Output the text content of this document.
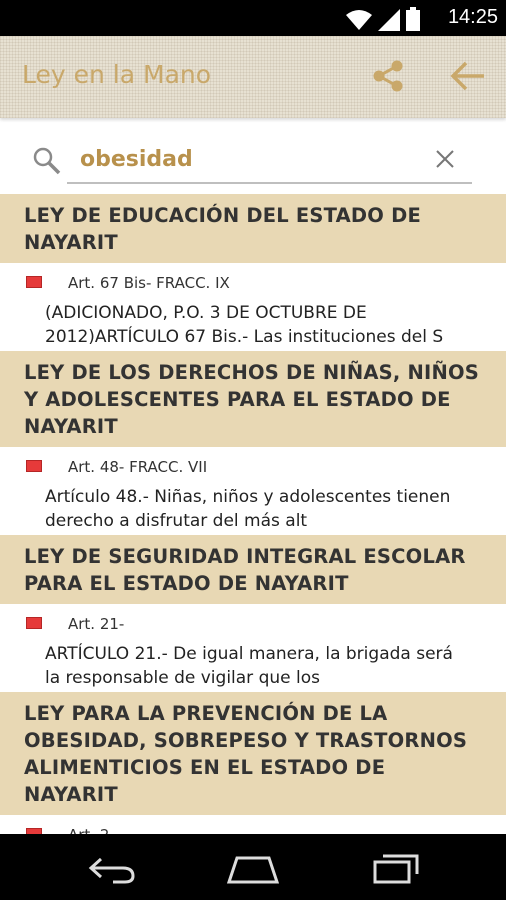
14:25
Ley en la Mano
obesidad
LEY DE EDUCACIÓN DEL ESTADO DE NAYARIT
Art. 67 Bis- FRACC. IX
(ADICIONADO, P.O. 3 DE OCTUBRE DE
2012)ARTÍCULO 67 Bis.- Las instituciones del S
LEY DE LOS DERECHOS DE NIÑAS, NIÑOS Y ADOLESCENTES PARA EL ESTADO DE NAYARIT
Art. 48- FRACC. VII
Artículo 48.- Niñas, niños y adolescentes tienen
derecho a disfrutar del más alt
LEY DE SEGURIDAD INTEGRAL ESCOLAR PARA EL ESTADO DE NAYARIT
Art. 21-
ARTÍCULO 21.- De igual manera, la brigada será
la responsable de vigilar que los
LEY PARA LA PREVENCIÓN DE LA OBESIDAD, SOBREPESO Y TRASTORNOS ALIMENTICIOS EN EL ESTADO DE NAYARIT
